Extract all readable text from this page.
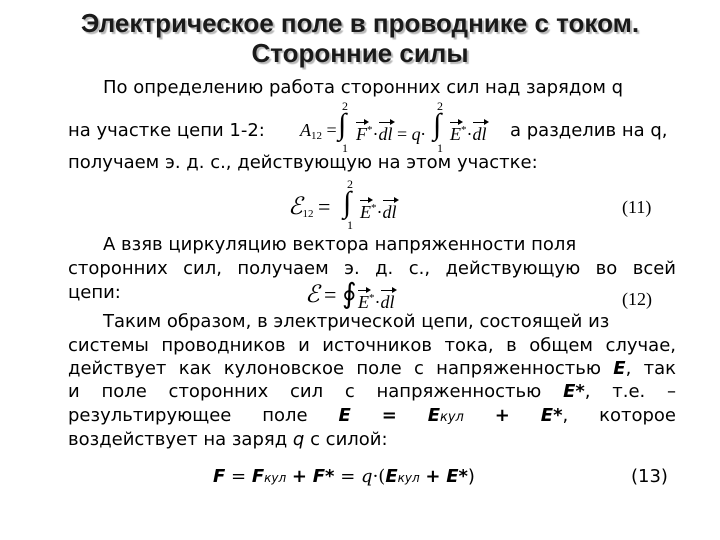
Электрическое поле в проводнике с током.
Сторонние силы
По определению работа сторонних сил над зарядом q
на участке цепи 1-2: $A_{12}$ =
2
∫
1
F*·dl = q·
2
∫
1
E*·dl а разделив на q,
получаем э. д. с., действующую на этом участке:
ℰ$_{12}$ =
2
∫
1
E*·dl	(11)
А взяв циркуляцию вектора напряженности поля
сторонних сил, получаем э. д. с., действующую во всей
цепи:	ℰ = ∮ E*·dl	(12)
Таким образом, в электрической цепи, состоящей из
системы проводников и источников тока, в общем случае,
действует как кулоновское поле с напряженностью E, так
и поле сторонних сил с напряженностью E*, т.е. –
результирующее поле E = Eкул + E*, которое
воздействует на заряд q с силой:
F = Fкул + F* = q·(Eкул + E*)	(13)
